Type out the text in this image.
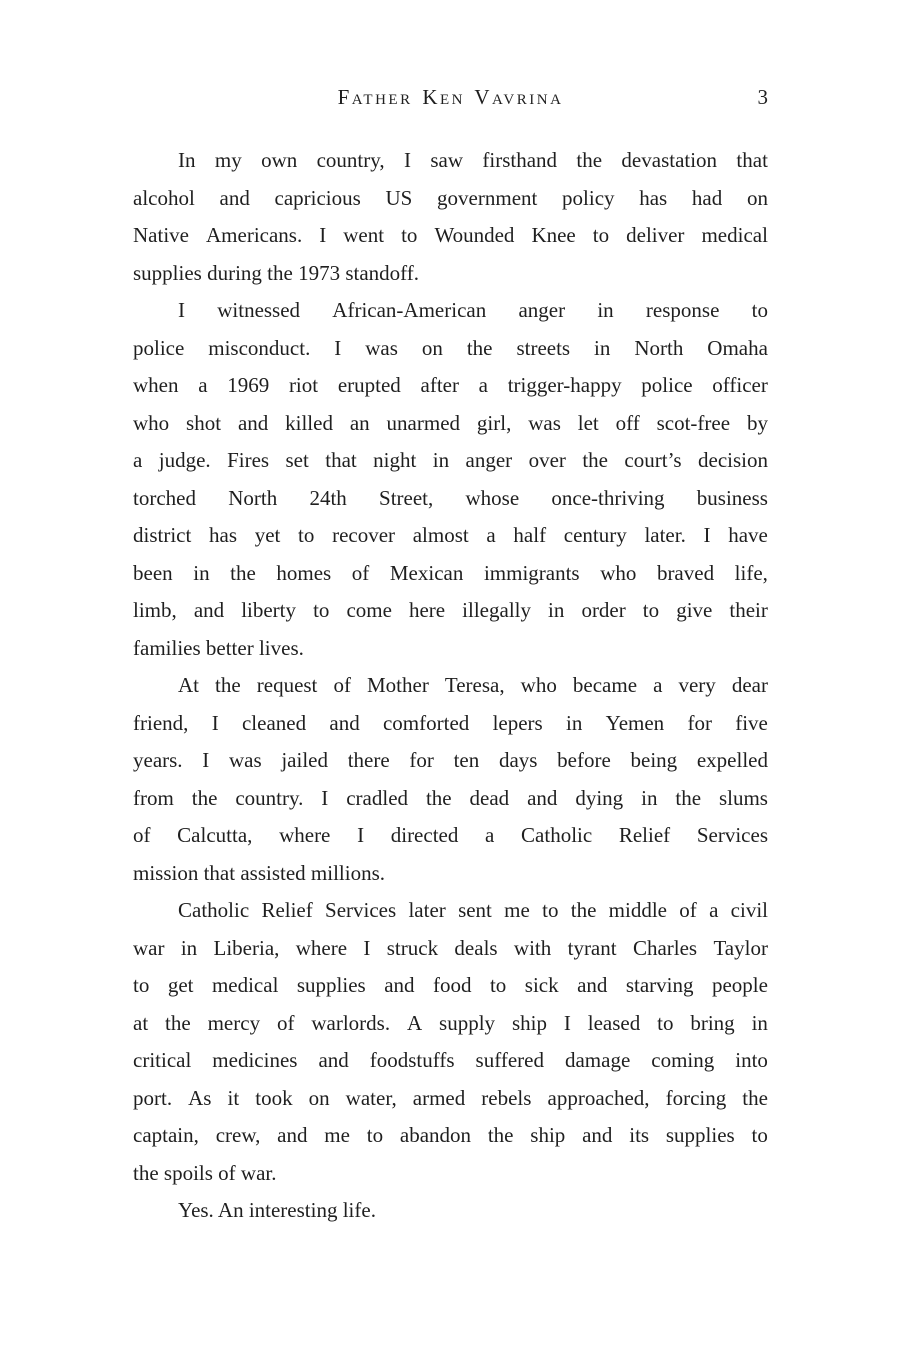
Father Ken Vavrina	3
In my own country, I saw firsthand the devastation that
alcohol and capricious US government policy has had on
Native Americans. I went to Wounded Knee to deliver medical
supplies during the 1973 standoff.
I witnessed African-American anger in response to
police misconduct. I was on the streets in North Omaha
when a 1969 riot erupted after a trigger-happy police officer
who shot and killed an unarmed girl, was let off scot-free by
a judge. Fires set that night in anger over the court’s decision
torched North 24th Street, whose once-thriving business
district has yet to recover almost a half century later. I have
been in the homes of Mexican immigrants who braved life,
limb, and liberty to come here illegally in order to give their
families better lives.
At the request of Mother Teresa, who became a very dear
friend, I cleaned and comforted lepers in Yemen for five
years. I was jailed there for ten days before being expelled
from the country. I cradled the dead and dying in the slums
of Calcutta, where I directed a Catholic Relief Services
mission that assisted millions.
Catholic Relief Services later sent me to the middle of a civil
war in Liberia, where I struck deals with tyrant Charles Taylor
to get medical supplies and food to sick and starving people
at the mercy of warlords. A supply ship I leased to bring in
critical medicines and foodstuffs suffered damage coming into
port. As it took on water, armed rebels approached, forcing the
captain, crew, and me to abandon the ship and its supplies to
the spoils of war.
Yes. An interesting life.
